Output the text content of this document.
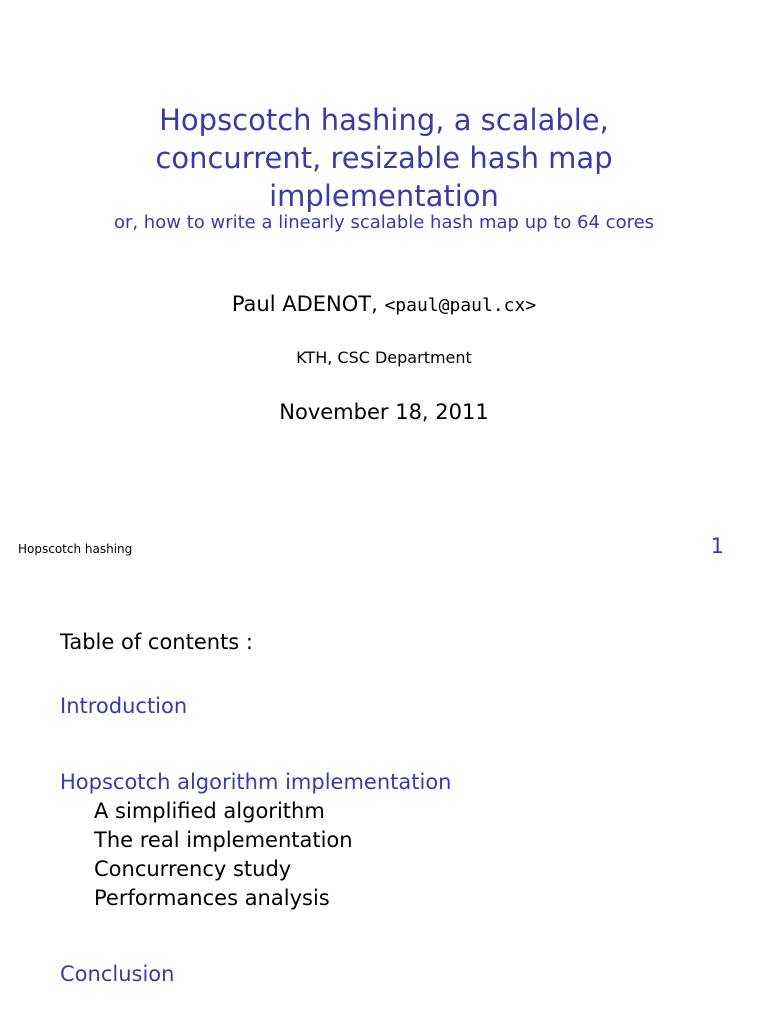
Hopscotch hashing, a scalable,
concurrent, resizable hash map
implementation
or, how to write a linearly scalable hash map up to 64 cores
Paul ADENOT, <paul@paul.cx>
KTH, CSC Department
November 18, 2011
Hopscotch hashing	1
Table of contents :
Introduction
Hopscotch algorithm implementation
A simplified algorithm
The real implementation
Concurrency study
Performances analysis
Conclusion
